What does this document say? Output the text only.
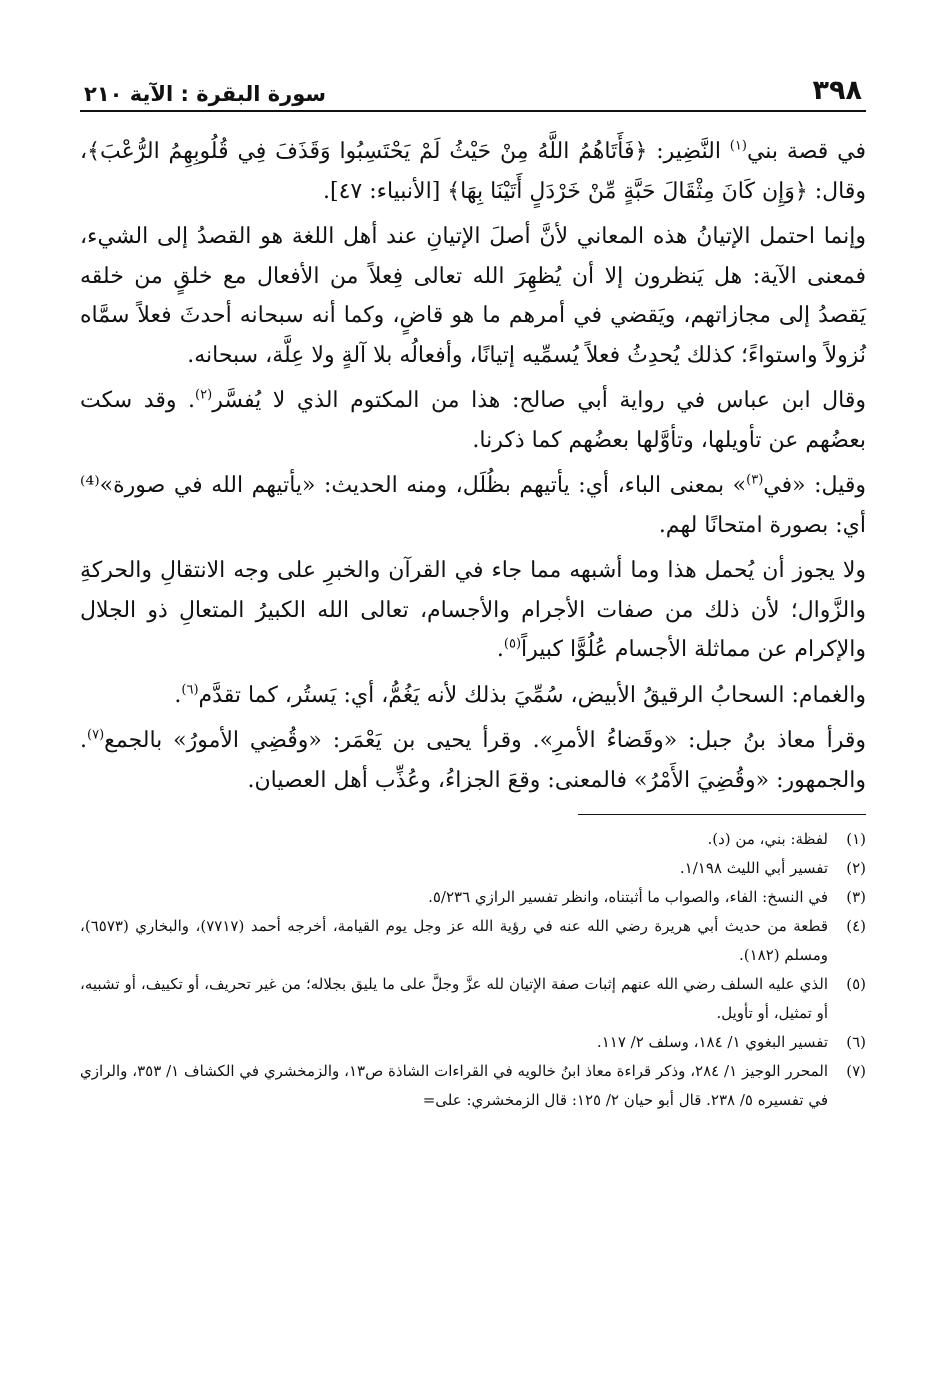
٣٩٨
سورة البقرة : الآية ٢١٠

في قصة بني$^{(١)}$ النَّضِير: ﴿فَأَتَاهُمُ اللَّهُ مِنْ حَيْثُ لَمْ يَحْتَسِبُوا وَقَذَفَ فِي قُلُوبِهِمُ الرُّعْبَ﴾، وقال: ﴿وَإِن كَانَ مِثْقَالَ حَبَّةٍ مِّنْ خَرْدَلٍ أَتَيْنَا بِهَا﴾ [الأنبياء: ٤٧].

وإنما احتمل الإتيانُ هذه المعاني لأنَّ أصلَ الإتيانِ عند أهل اللغة هو القصدُ إلى الشيء، فمعنى الآية: هل يَنظرون إلا أن يُظهِرَ الله تعالى فِعلاً من الأفعال مع خلقٍ من خلقه يَقصدُ إلى مجازاتهم، ويَقضي في أمرهم ما هو قاضٍ، وكما أنه سبحانه أحدثَ فعلاً سمَّاه نُزولاً واستواءً؛ كذلك يُحدِثُ فعلاً يُسمِّيه إتيانًا، وأفعالُه بلا آلةٍ ولا عِلَّة، سبحانه.

وقال ابن عباس في رواية أبي صالح: هذا من المكتوم الذي لا يُفسَّر$^{(٢)}$. وقد سكت بعضُهم عن تأويلها، وتأوَّلها بعضُهم كما ذكرنا.

وقيل: «في$^{(٣)}$» بمعنى الباء، أي: يأتيهم بظُلَل، ومنه الحديث: «يأتيهم الله في صورة»⁽⁴⁾ أي: بصورة امتحانًا لهم.

ولا يجوز أن يُحمل هذا وما أشبهه مما جاء في القرآن والخبرِ على وجه الانتقالِ والحركةِ والزَّوال؛ لأن ذلك من صفات الأجرام والأجسام، تعالى الله الكبيرُ المتعالِ ذو الجلال والإكرام عن مماثلة الأجسام عُلُوًّا كبيراً$^{(٥)}$.

والغمام: السحابُ الرقيقُ الأبيض، سُمِّيَ بذلك لأنه يَغُمُّ، أي: يَستُر، كما تقدَّم$^{(٦)}$.

وقرأ معاذ بنُ جبل: «وقَضاءُ الأمرِ». وقرأ يحيى بن يَعْمَر: «وقُضِي الأمورُ» بالجمع$^{(٧)}$. والجمهور: «وقُضِيَ الأَمْرُ» فالمعنى: وقعَ الجزاءُ، وعُذِّب أهل العصيان.

(١)
لفظة: بني، من (د).
(٢)
تفسير أبي الليث ١/١٩٨.
(٣)
في النسخ: الفاء، والصواب ما أثبتناه، وانظر تفسير الرازي ٥/٢٣٦.
(٤)
قطعة من حديث أبي هريرة رضي الله عنه في رؤية الله عز وجل يوم القيامة، أخرجه أحمد (٧٧١٧)، والبخاري (٦٥٧٣)، ومسلم (١٨٢).
(٥)
الذي عليه السلف رضي الله عنهم إثبات صفة الإتيان لله عزَّ وجلَّ على ما يليق بجلاله؛ من غير تحريف، أو تكييف، أو تشبيه، أو تمثيل، أو تأويل.
(٦)
تفسير البغوي ١/ ١٨٤، وسلف ٢/ ١١٧.
(٧)
المحرر الوجيز ١/ ٢٨٤، وذكر قراءة معاذ ابنُ خالويه في القراءات الشاذة ص١٣، والزمخشري في الكشاف ١/ ٣٥٣، والرازي في تفسيره ٥/ ٢٣٨. قال أبو حيان ٢/ ١٢٥: قال الزمخشري: على=
